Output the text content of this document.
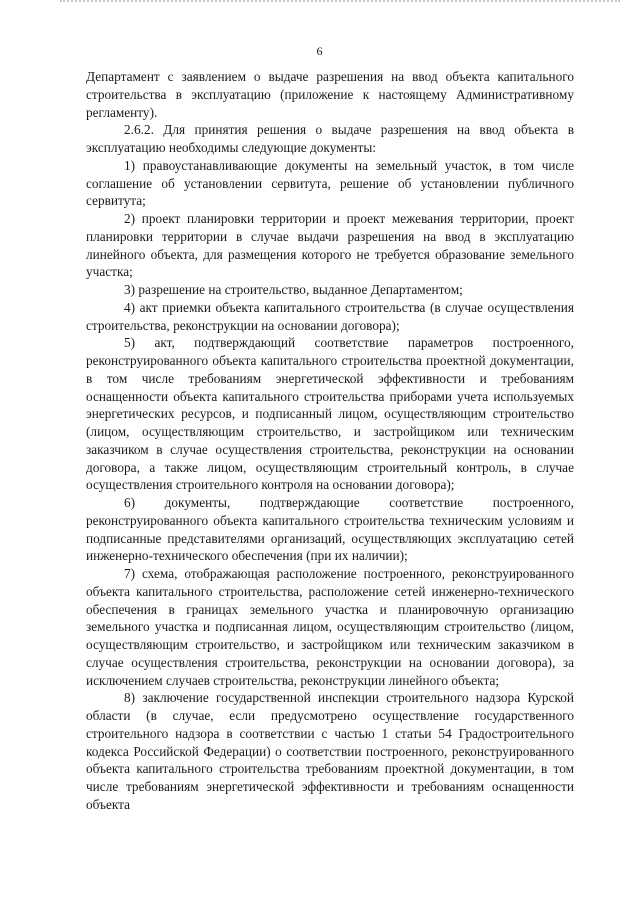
6

Департамент с заявлением о выдаче разрешения на ввод объекта капитального строительства в эксплуатацию (приложение к настоящему Административному регламенту).

2.6.2. Для принятия решения о выдаче разрешения на ввод объекта в эксплуатацию необходимы следующие документы:

1) правоустанавливающие документы на земельный участок, в том числе соглашение об установлении сервитута, решение об установлении публичного сервитута;

2) проект планировки территории и проект межевания территории, проект планировки территории в случае выдачи разрешения на ввод в эксплуатацию линейного объекта, для размещения которого не требуется образование земельного участка;

3) разрешение на строительство, выданное Департаментом;

4) акт приемки объекта капитального строительства (в случае осуществления строительства, реконструкции на основании договора);

5) акт, подтверждающий соответствие параметров построенного, реконструированного объекта капитального строительства проектной документации, в том числе требованиям энергетической эффективности и требованиям оснащенности объекта капитального строительства приборами учета используемых энергетических ресурсов, и подписанный лицом, осуществляющим строительство (лицом, осуществляющим строительство, и застройщиком или техническим заказчиком в случае осуществления строительства, реконструкции на основании договора, а также лицом, осуществляющим строительный контроль, в случае осуществления строительного контроля на основании договора);

6) документы, подтверждающие соответствие построенного, реконструированного объекта капитального строительства техническим условиям и подписанные представителями организаций, осуществляющих эксплуатацию сетей инженерно-технического обеспечения (при их наличии);

7) схема, отображающая расположение построенного, реконструированного объекта капитального строительства, расположение сетей инженерно-технического обеспечения в границах земельного участка и планировочную организацию земельного участка и подписанная лицом, осуществляющим строительство (лицом, осуществляющим строительство, и застройщиком или техническим заказчиком в случае осуществления строительства, реконструкции на основании договора), за исключением случаев строительства, реконструкции линейного объекта;

8) заключение государственной инспекции строительного надзора Курской области (в случае, если предусмотрено осуществление государственного строительного надзора в соответствии с частью 1 статьи 54 Градостроительного кодекса Российской Федерации) о соответствии построенного, реконструированного объекта капитального строительства требованиям проектной документации, в том числе требованиям энергетической эффективности и требованиям оснащенности объекта
